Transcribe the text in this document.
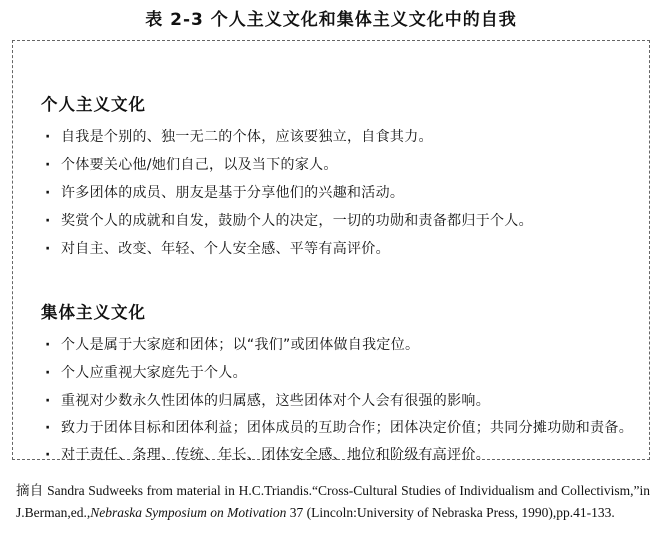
表 2-3 个人主义文化和集体主义文化中的自我
个人主义文化
· 自我是个别的、独一无二的个体，应该要独立，自食其力。
· 个体要关心他/她们自己，以及当下的家人。
· 许多团体的成员、朋友是基于分享他们的兴趣和活动。
· 奖赏个人的成就和自发，鼓励个人的决定，一切的功勋和责备都归于个人。
· 对自主、改变、年轻、个人安全感、平等有高评价。
集体主义文化
· 个人是属于大家庭和团体；以“我们”或团体做自我定位。
· 个人应重视大家庭先于个人。
· 重视对少数永久性团体的归属感，这些团体对个人会有很强的影响。
· 致力于团体目标和团体利益；团体成员的互助合作；团体决定价值；共同分摊功勋和责备。
· 对于责任、条理、传统、年长、团体安全感、地位和阶级有高评价。
摘自 Sandra Sudweeks from material in H.C.Triandis.“Cross-Cultural Studies of Individualism and Collectivism,”in J.Berman,ed.,Nebraska Symposium on Motivation 37 (Lincoln:University of Nebraska Press, 1990),pp.41-133.
